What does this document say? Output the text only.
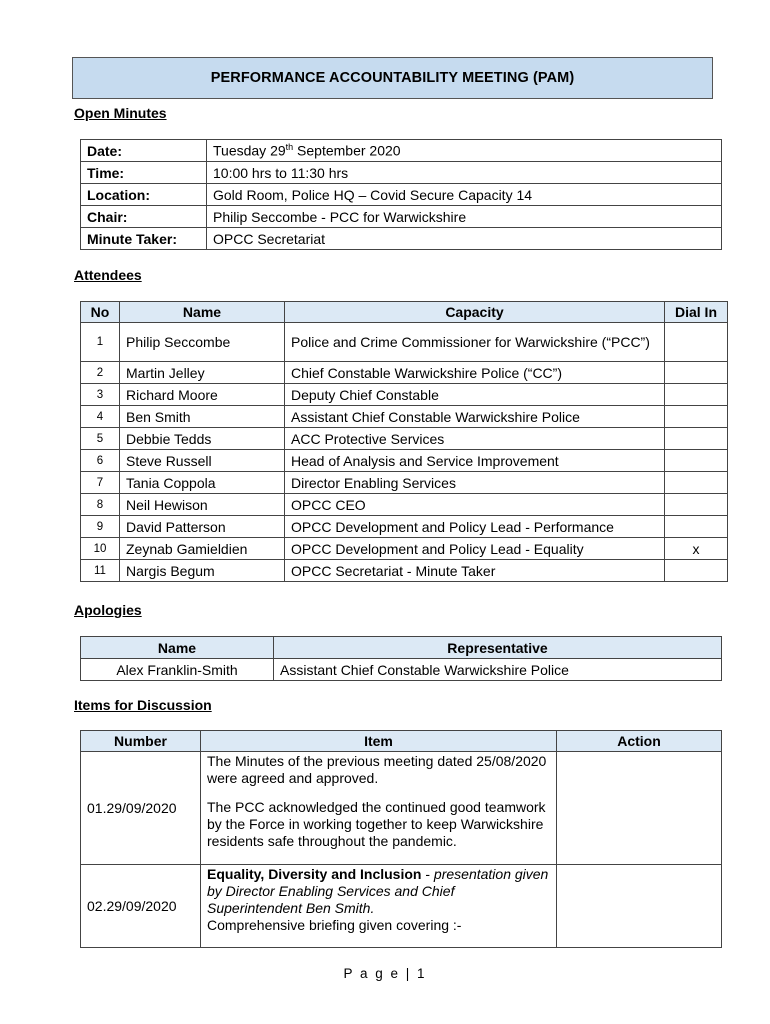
PERFORMANCE ACCOUNTABILITY MEETING (PAM)
Open Minutes
Date:	Tuesday 29th September 2020
Time:	10:00 hrs to 11:30 hrs
Location:	Gold Room, Police HQ – Covid Secure Capacity 14
Chair:	Philip Seccombe - PCC for Warwickshire
Minute Taker:	OPCC Secretariat
Attendees
No	Name	Capacity	Dial In
1	Philip Seccombe	Police and Crime Commissioner for Warwickshire (“PCC”)	
2	Martin Jelley	Chief Constable Warwickshire Police (“CC”)	
3	Richard Moore	Deputy Chief Constable	
4	Ben Smith	Assistant Chief Constable Warwickshire Police	
5	Debbie Tedds	ACC Protective Services	
6	Steve Russell	Head of Analysis and Service Improvement	
7	Tania Coppola	Director Enabling Services	
8	Neil Hewison	OPCC CEO	
9	David Patterson	OPCC Development and Policy Lead - Performance	
10	Zeynab Gamieldien	OPCC Development and Policy Lead - Equality	x
11	Nargis Begum	OPCC Secretariat - Minute Taker	
Apologies
Name	Representative
Alex Franklin-Smith	Assistant Chief Constable Warwickshire Police
Items for Discussion
Number	Item	Action
01.29/09/2020	The Minutes of the previous meeting dated 25/08/2020 were agreed and approved.

The PCC acknowledged the continued good teamwork by the Force in working together to keep Warwickshire residents safe throughout the pandemic.	

02.29/09/2020	Equality, Diversity and Inclusion - presentation given by Director Enabling Services and Chief Superintendent Ben Smith.

Comprehensive briefing given covering :-	

P a g e | 1
